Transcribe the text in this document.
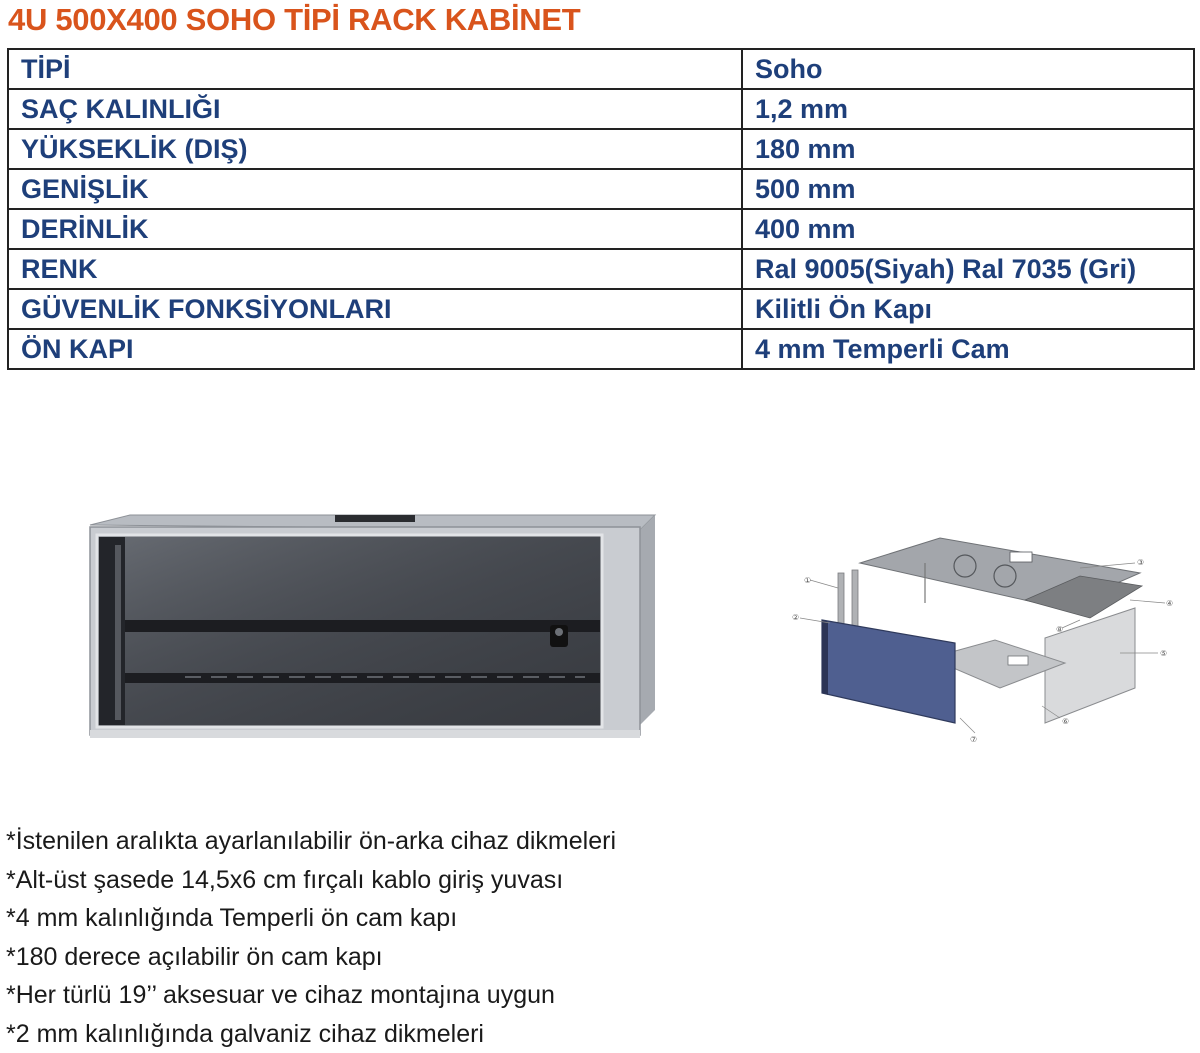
4U 500X400 SOHO TİPİ RACK KABİNET
TİPİ	Soho
SAÇ KALINLIĞI	1,2 mm
YÜKSEKLİK (DIŞ)	180 mm
GENİŞLİK	500 mm
DERİNLİK	400 mm
RENK	Ral 9005(Siyah) Ral 7035 (Gri)
GÜVENLİK FONKSİYONLARI	Kilitli Ön Kapı
ÖN KAPI	4 mm Temperli Cam
①
②
③
④
⑤
⑥
⑦
⑧
*İstenilen aralıkta ayarlanılabilir ön-arka cihaz dikmeleri
*Alt-üst şasede 14,5x6 cm fırçalı kablo giriş yuvası
*4 mm kalınlığında Temperli ön cam kapı
*180 derece açılabilir ön cam kapı
*Her türlü 19’’ aksesuar ve cihaz montajına uygun
*2 mm kalınlığında galvaniz cihaz dikmeleri
